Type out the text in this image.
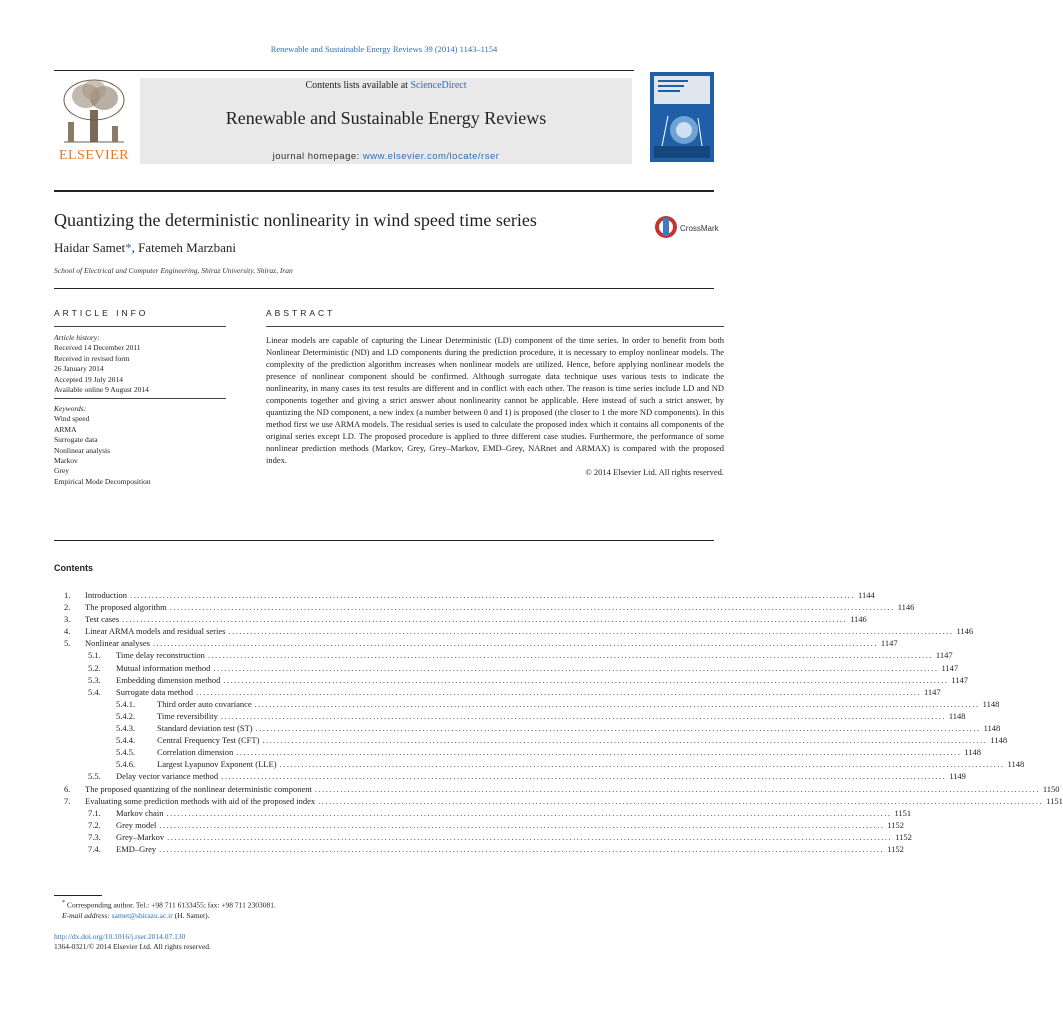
Renewable and Sustainable Energy Reviews 39 (2014) 1143–1154
ELSEVIER
Contents lists available at ScienceDirect
Renewable and Sustainable Energy Reviews
journal homepage: www.elsevier.com/locate/rser
Quantizing the deterministic nonlinearity in wind speed time series	CrossMark
Haidar Samet*, Fatemeh Marzbani
School of Electrical and Computer Engineering, Shiraz University, Shiraz, Iran
ARTICLE INFO	ABSTRACT
Article history:
Received 14 December 2011
Received in revised form
26 January 2014
Accepted 19 July 2014
Available online 9 August 2014
Keywords:
Wind speed
ARMA
Surrogate data
Nonlinear analysis
Markov
Grey
Empirical Mode Decomposition
Linear models are capable of capturing the Linear Deterministic (LD) component of the time series. In order to benefit from both Nonlinear Deterministic (ND) and LD components during the prediction procedure, it is necessary to employ nonlinear models. The complexity of the prediction algorithm increases when nonlinear models are utilized. Hence, before applying nonlinear models the presence of nonlinear component should be confirmed. Although surrogate data technique uses various tests to indicate the nonlinearity, in many cases its test results are different and in conflict with each other. The reason is time series include LD and ND components together and giving a strict answer about nonlinearity cannot be applicable. Here instead of such a strict answer, by quantizing the ND component, a new index (a number between 0 and 1) is proposed (the closer to 1 the more ND components). In this method first we use ARMA models. The residual series is used to calculate the proposed index which it contains all components of the original series except LD. The proposed procedure is applied to three different case studies. Furthermore, the performance of some nonlinear prediction methods (Markov, Grey, Grey–Markov, EMD–Grey, NARnet and ARMAX) is compared with the proposed index.
© 2014 Elsevier Ltd. All rights reserved.
Contents
1. Introduction ........................................................................................................................................................................................................ 1144
2. The proposed algorithm ........................................................................................................................................................................................................ 1146
3. Test cases ........................................................................................................................................................................................................ 1146
4. Linear ARMA models and residual series ........................................................................................................................................................................................................ 1146
5. Nonlinear analyses ........................................................................................................................................................................................................ 1147
5.1. Time delay reconstruction ........................................................................................................................................................................................................ 1147
5.2. Mutual information method ........................................................................................................................................................................................................ 1147
5.3. Embedding dimension method ........................................................................................................................................................................................................ 1147
5.4. Surrogate data method ........................................................................................................................................................................................................ 1147
5.4.1.	Third order auto covariance ........................................................................................................................................................................................................ 1148
5.4.2.	Time reversibility ........................................................................................................................................................................................................ 1148
5.4.3.	Standard deviation test (ST) ........................................................................................................................................................................................................ 1148
5.4.4.	Central Frequency Test (CFT) ........................................................................................................................................................................................................ 1148
5.4.5.	Correlation dimension ........................................................................................................................................................................................................ 1148
5.4.6.	Largest Lyapunov Exponent (LLE) ........................................................................................................................................................................................................ 1148
5.5. Delay vector variance method ........................................................................................................................................................................................................ 1149
6. The proposed quantizing of the nonlinear deterministic component ........................................................................................................................................................................................................ 1150
7. Evaluating some prediction methods with aid of the proposed index ........................................................................................................................................................................................................ 1151
7.1. Markov chain ........................................................................................................................................................................................................ 1151
7.2. Grey model ........................................................................................................................................................................................................ 1152
7.3. Grey–Markov ........................................................................................................................................................................................................ 1152
7.4. EMD–Grey ........................................................................................................................................................................................................ 1152
* Corresponding author. Tel.: +98 711 6133455; fax: +98 711 2303081.
E-mail address: samet@shirazu.ac.ir (H. Samet).
http://dx.doi.org/10.1016/j.rser.2014.07.130
1364-0321/© 2014 Elsevier Ltd. All rights reserved.
